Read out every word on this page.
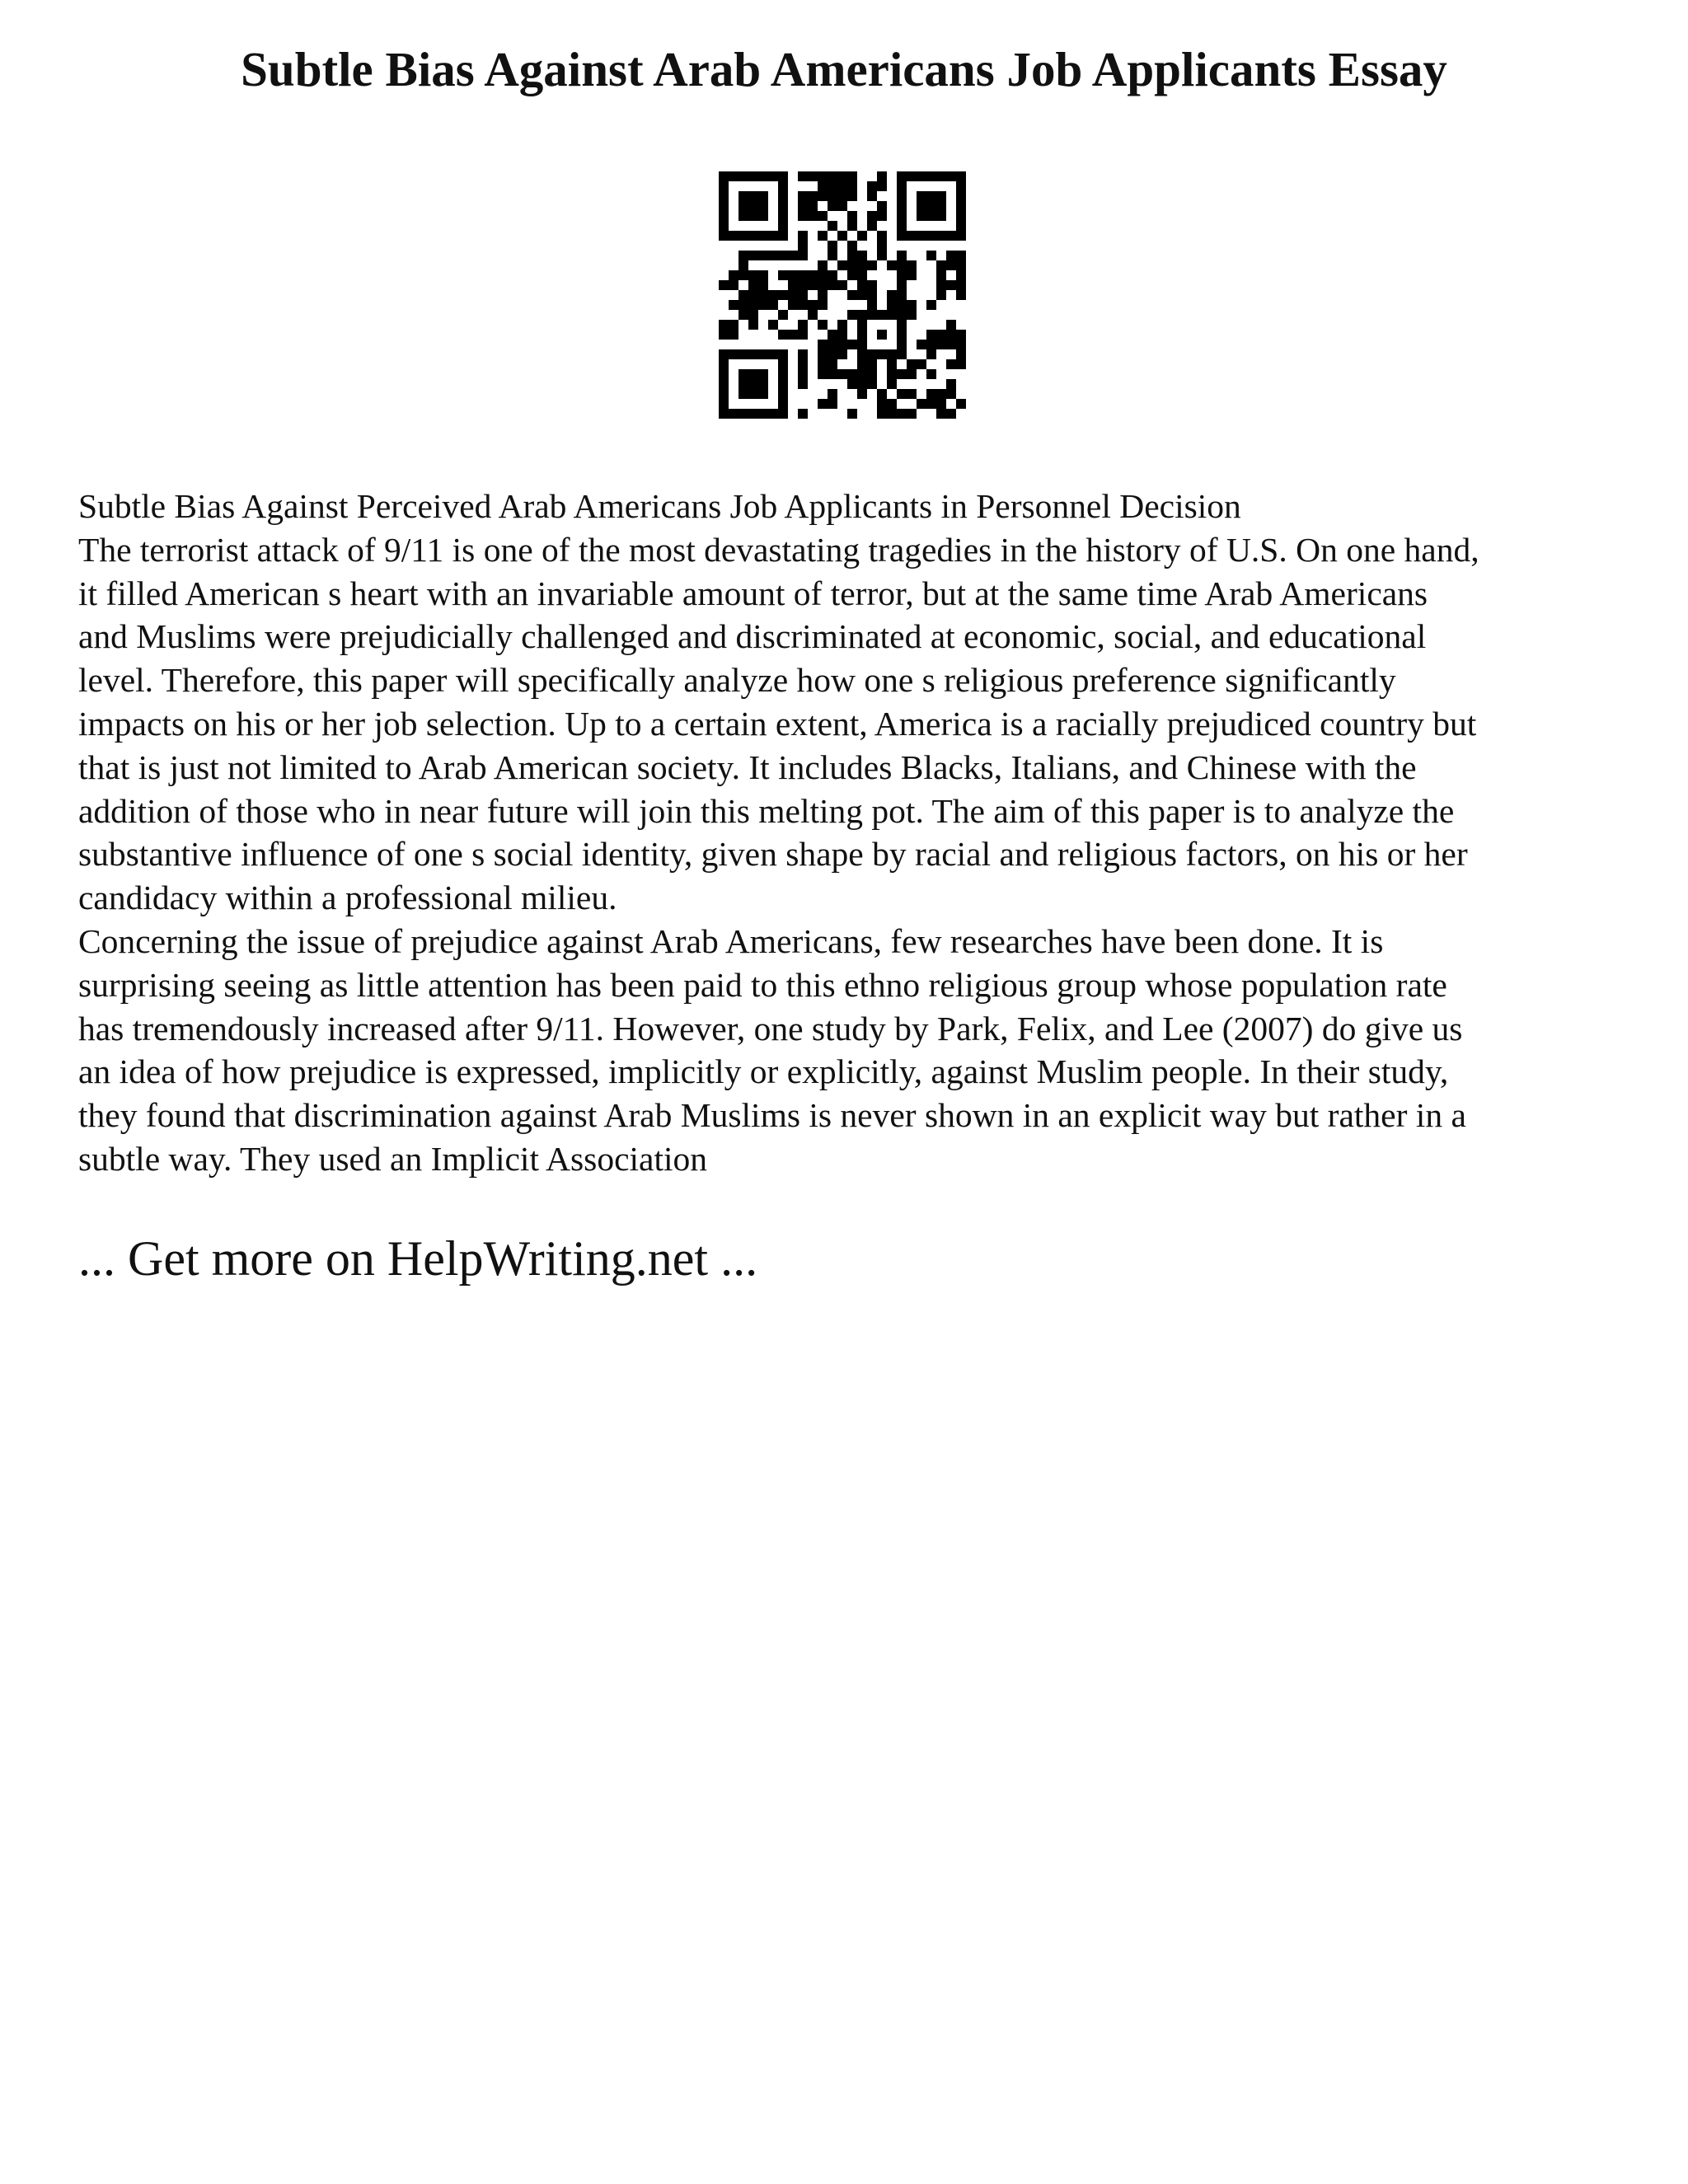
Subtle Bias Against Arab Americans Job Applicants Essay
Subtle Bias Against Perceived Arab Americans Job Applicants in Personnel Decision
The terrorist attack of 9/11 is one of the most devastating tragedies in the history of U.S. On one hand,
it filled American s heart with an invariable amount of terror, but at the same time Arab Americans
and Muslims were prejudicially challenged and discriminated at economic, social, and educational
level. Therefore, this paper will specifically analyze how one s religious preference significantly
impacts on his or her job selection. Up to a certain extent, America is a racially prejudiced country but
that is just not limited to Arab American society. It includes Blacks, Italians, and Chinese with the
addition of those who in near future will join this melting pot. The aim of this paper is to analyze the
substantive influence of one s social identity, given shape by racial and religious factors, on his or her
candidacy within a professional milieu.
Concerning the issue of prejudice against Arab Americans, few researches have been done. It is
surprising seeing as little attention has been paid to this ethno religious group whose population rate
has tremendously increased after 9/11. However, one study by Park, Felix, and Lee (2007) do give us
an idea of how prejudice is expressed, implicitly or explicitly, against Muslim people. In their study,
they found that discrimination against Arab Muslims is never shown in an explicit way but rather in a
subtle way. They used an Implicit Association

... Get more on HelpWriting.net ...
